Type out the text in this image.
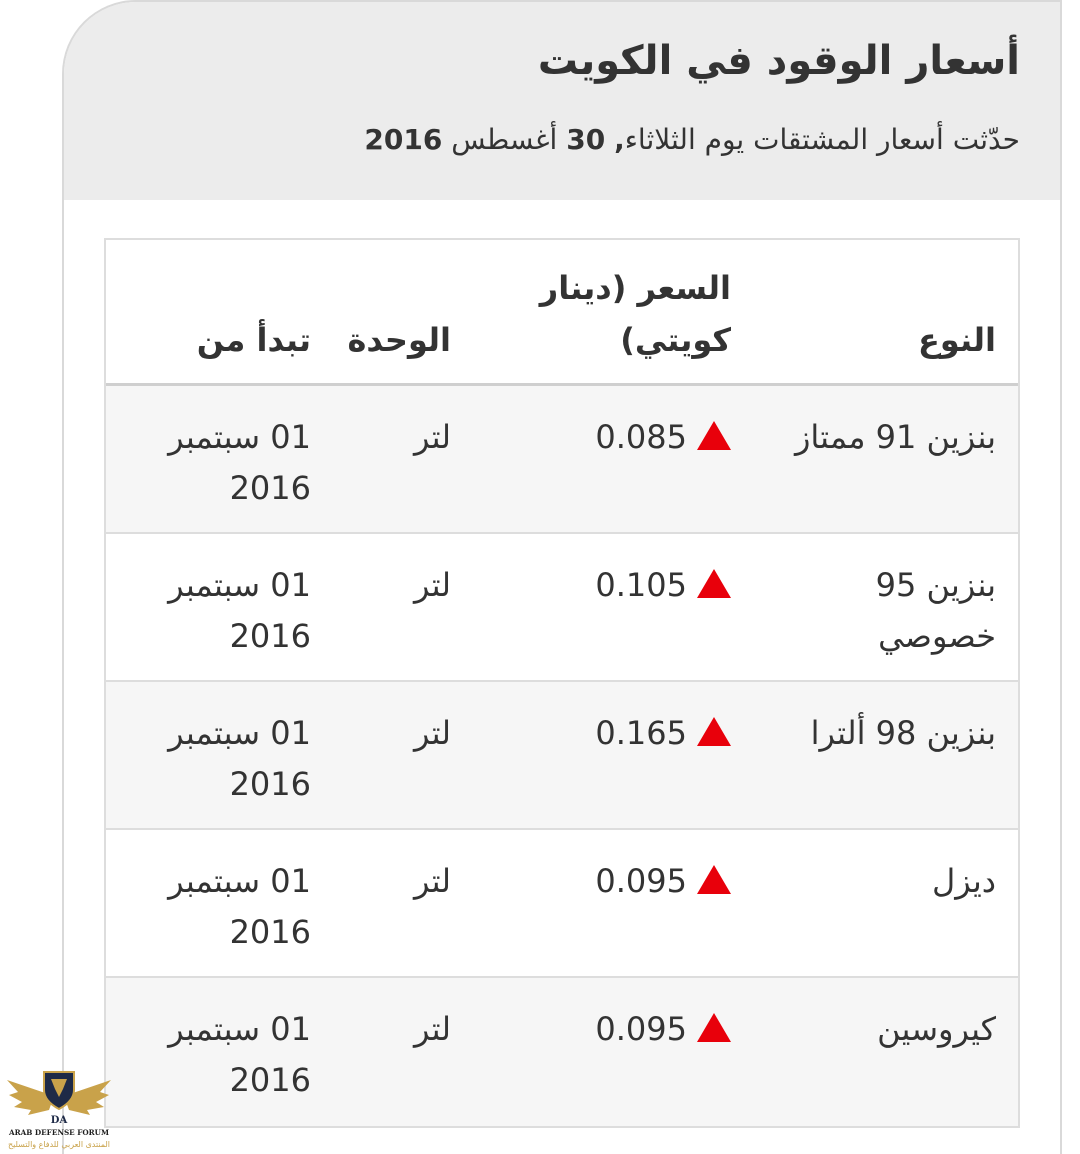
أسعار الوقود في الكويت

حدّثت أسعار المشتقات يوم الثلاثاء, 30 أغسطس 2016

النوع
السعر (دينار كويتي)
الوحدة
تبدأ من
بنزين 91 ممتاز
0.085
لتر
01 سبتمبر 2016
بنزين 95 خصوصي
0.105
لتر
01 سبتمبر 2016
بنزين 98 ألترا
0.165
لتر
01 سبتمبر 2016
ديزل
0.095
لتر
01 سبتمبر 2016
كيروسين
0.095
لتر
01 سبتمبر 2016
DA
ARAB DEFENSE FORUM
المنتدى العربي للدفاع والتسليح
